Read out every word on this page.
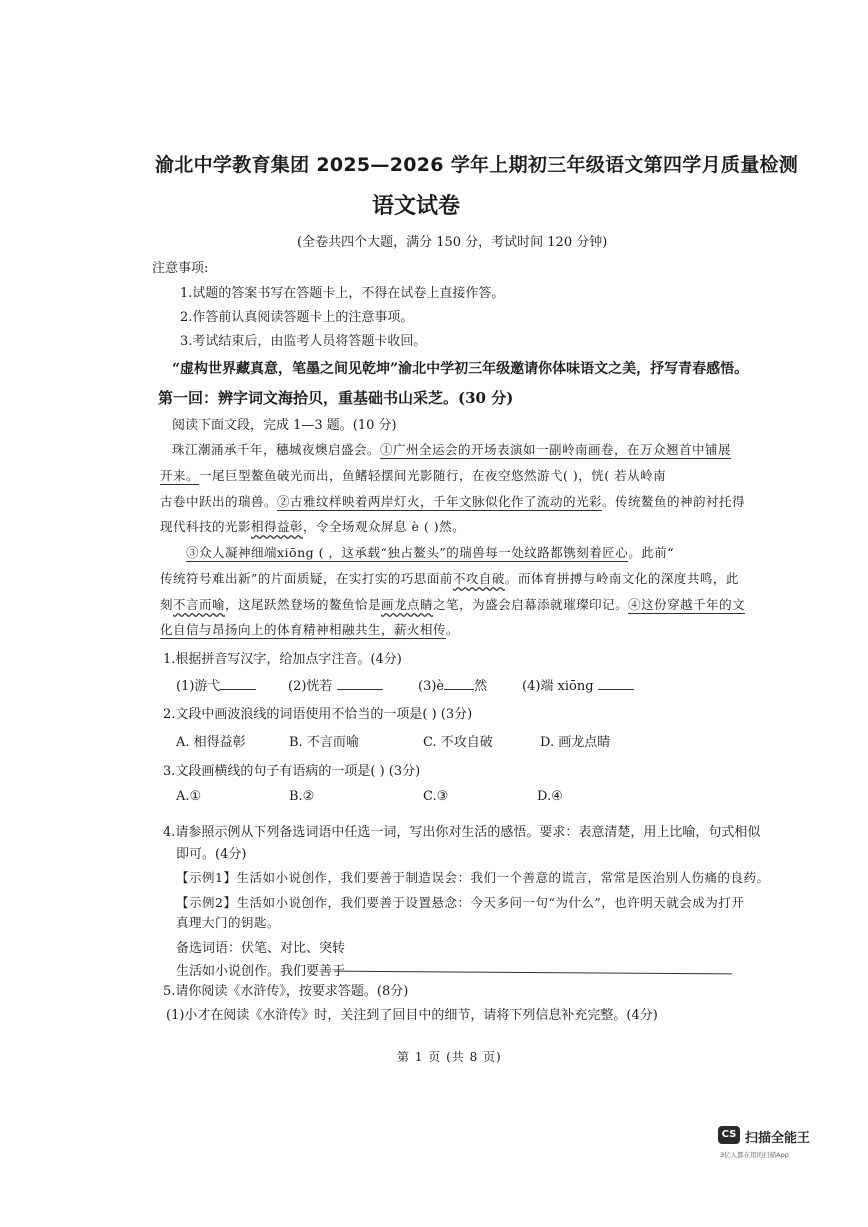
渝北中学教育集团 2025—2026 学年上期初三年级语文第四学月质量检测
语文试卷
(全卷共四个大题，满分 150 分，考试时间 120 分钟)
注意事项:
1.试题的答案书写在答题卡上，不得在试卷上直接作答。
2.作答前认真阅读答题卡上的注意事项。
3.考试结束后，由监考人员将答题卡收回。
“虚构世界藏真意，笔墨之间见乾坤”渝北中学初三年级邀请你体味语文之美，抒写青春感悟。
第一回：辨字词文海拾贝，重基础书山采芝。(30 分)
阅读下面文段，完成 1—3 题。(10 分)
珠江潮涌承千年，穗城夜燠启盛会。①广州全运会的开场表演如一副岭南画卷，在万众翘首中铺展
开来。一尾巨型鳌鱼破光而出，鱼鳍轻摆间光影随行，在夜空悠然游弋( )，恍( 若从岭南
古卷中跃出的瑞兽。②古雅纹样映着两岸灯火，千年文脉似化作了流动的光彩。传统鳌鱼的神韵衬托得
现代科技的光影相得益彰，令全场观众屏息 è ( )然。
③众人凝神细端xiōng ( ，这承载“独占鳌头”的瑞兽每一处纹路都镌刻着匠心。此前“
传统符号难出新”的片面质疑，在实打实的巧思面前不攻自破。而体育拼搏与岭南文化的深度共鸣，此
刻不言而喻，这尾跃然登场的鳌鱼恰是画龙点睛之笔，为盛会启幕添就璀璨印记。④这份穿越千年的文
化自信与昂扬向上的体育精神相融共生，薪火相传。
1.根据拼音写汉字，给加点字注音。(4分)
(1)游弋	(2)恍若	(3)è 然	(4)端 xiōng
2.文段中画波浪线的词语使用不恰当的一项是( ) (3分)
A. 相得益彰	B. 不言而喻	C. 不攻自破	D. 画龙点睛
3.文段画横线的句子有语病的一项是( ) (3分)
A.①	B.②	C.③	D.④
4.请参照示例从下列备选词语中任选一词，写出你对生活的感悟。要求：表意清楚，用上比喻，句式相似
即可。(4分)
【示例1】生活如小说创作，我们要善于制造误会：我们一个善意的谎言，常常是医治别人伤痛的良药。
【示例2】生活如小说创作，我们要善于设置悬念：今天多问一句“为什么”，也许明天就会成为打开
真理大门的钥匙。
备选词语：伏笔、对比、突转
生活如小说创作。我们要善于
5.请你阅读《水浒传》，按要求答题。(8分)
(1)小才在阅读《水浒传》时，关注到了回目中的细节，请将下列信息补充完整。(4分)
第 1 页 (共 8 页)
CS 扫描全能王
3亿人都在用的扫描App
